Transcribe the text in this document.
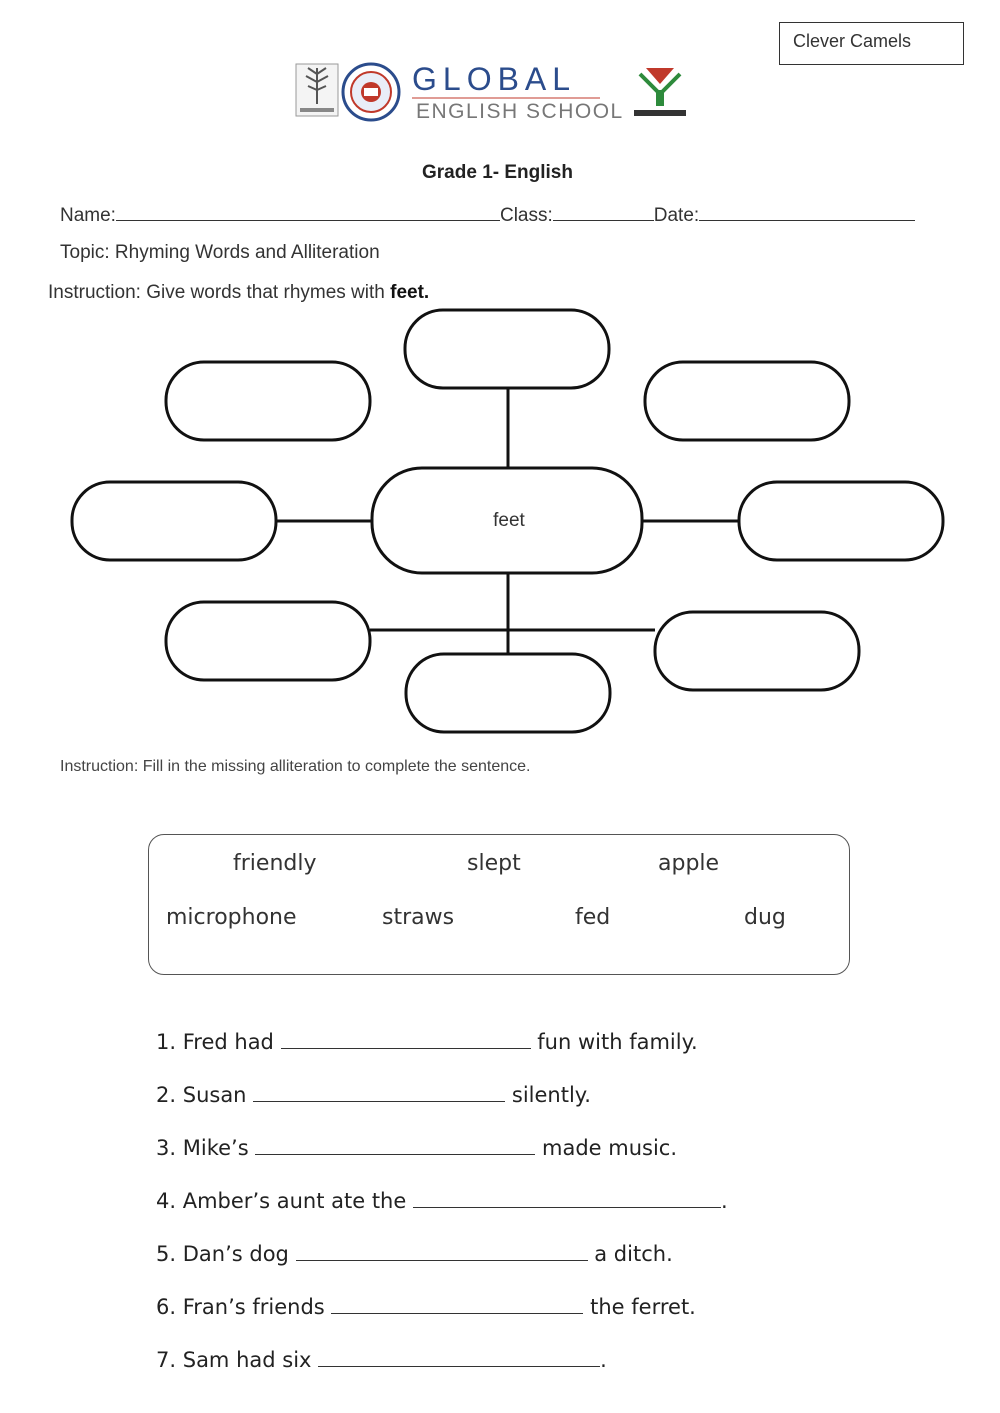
Clever Camels
GLOBAL
ENGLISH SCHOOL
Grade 1- English
Name:	Class:	Date:
Topic: Rhyming Words and Alliteration
Instruction: Give words that rhymes with feet.
feet
Instruction: Fill in the missing alliteration to complete the sentence.
friendly	slept	apple
microphone	straws	fed	dug
1. Fred had	fun with family.
2. Susan	silently.
3. Mike’s	made music.
4. Amber’s aunt ate the	.
5. Dan’s dog	a ditch.
6. Fran’s friends	the ferret.
7. Sam had six	.
